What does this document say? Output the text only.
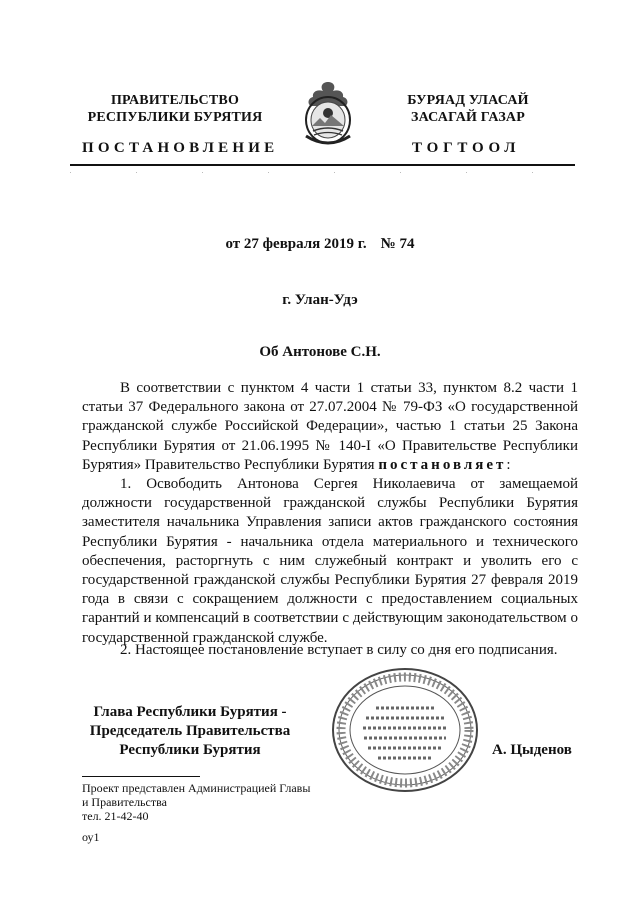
ПРАВИТЕЛЬСТВО
РЕСПУБЛИКИ БУРЯТИЯ
БУРЯАД УЛАСАЙ
ЗАСАГАЙ ГАЗАР
ПОСТАНОВЛЕНИЕ	ТОГТООЛ
от 27 февраля 2019 г. № 74
г. Улан-Удэ
Об Антонове С.Н.
В соответствии с пунктом 4 части 1 статьи 33, пунктом 8.2 части 1 статьи 37 Федерального закона от 27.07.2004 № 79-ФЗ «О государственной гражданской службе Российской Федерации», частью 1 статьи 25 Закона Республики Бурятия от 21.06.1995 № 140-I «О Правительстве Республики Бурятия» Правительство Республики Бурятия постановляет:
1. Освободить Антонова Сергея Николаевича от замещаемой должности государственной гражданской службы Республики Бурятия заместителя начальника Управления записи актов гражданского состояния Республики Бурятия - начальника отдела материального и технического обеспечения, расторгнуть с ним служебный контракт и уволить его с государственной гражданской службы Республики Бурятия 27 февраля 2019 года в связи с сокращением должности с предоставлением социальных гарантий и компенсаций в соответствии с действующим законодательством о государственной гражданской службе.
2. Настоящее постановление вступает в силу со дня его подписания.
Глава Республики Бурятия -
Председатель Правительства
Республики Бурятия	А. Цыденов
Проект представлен Администрацией Главы
и Правительства
тел. 21-42-40
оу1
